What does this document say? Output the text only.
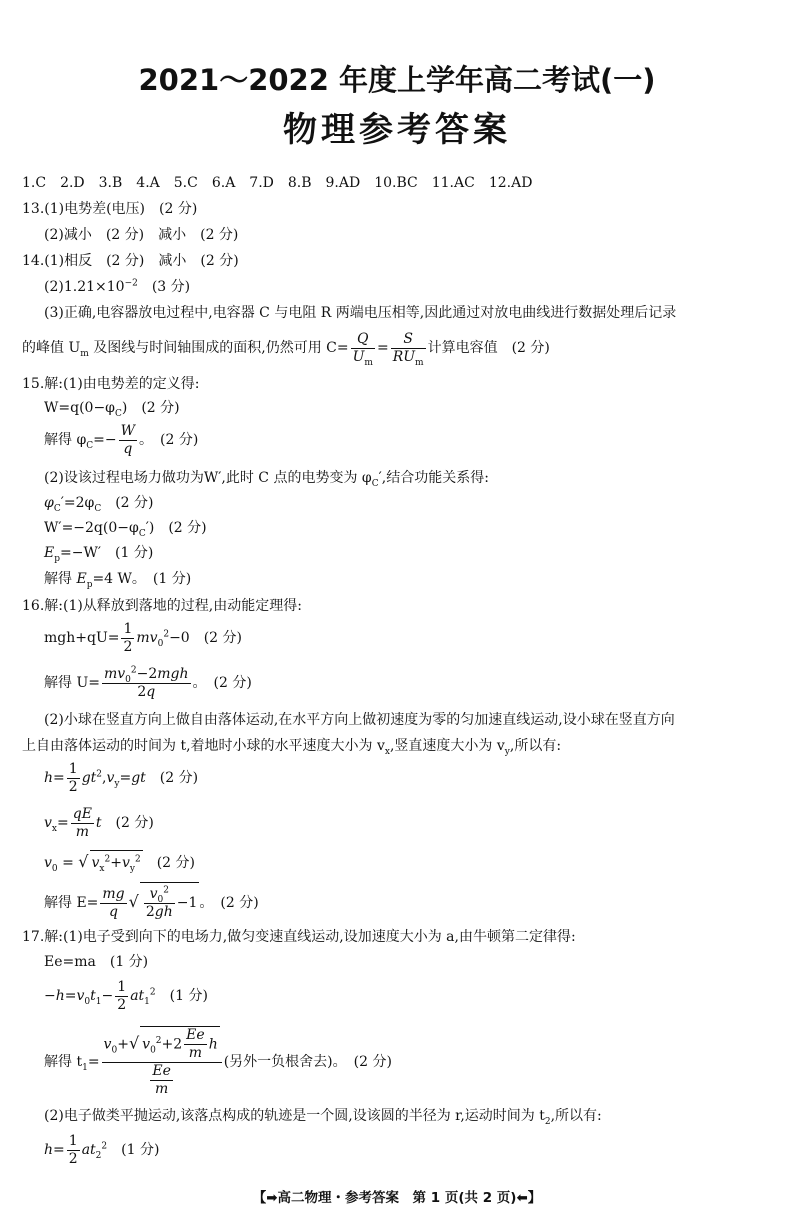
2021～2022 年度上学年高二考试(一)
物理参考答案
1.C　2.D　3.B　4.A　5.C　6.A　7.D　8.B　9.AD　10.BC　11.AC　12.AD
13.(1)电势差(电压)　(2 分)
(2)减小　(2 分)　减小　(2 分)
14.(1)相反　(2 分)　减小　(2 分)
$(2)1.21\times 10^{-2}$　(3 分)
(3)正确,电容器放电过程中,电容器 C 与电阻 R 两端电压相等,因此通过对放电曲线进行数据处理后记录
的峰值 $U_m$ 及图线与时间轴围成的面积,仍然可用 $C= \frac{Q}{U_m} = \frac{S}{RU_m}$ 计算电容值　(2 分)
15.解:(1)由电势差的定义得:
$W=q(0-\varphi_C)$　(2 分)
解得 $\varphi_C=- \frac{W}{q}$ 。　(2 分)
(2)设该过程电场力做功为W′,此时 C 点的电势变为 $\varphi_C'$,结合功能关系得:
$\varphi_C'=2\varphi_C$　(2 分)
$W'=-2q(0-\varphi_C')$　(2 分)
$E_p=-W'$　(1 分)
解得 $E_p=4$ W。　(1 分)
16.解:(1)从释放到落地的过程,由动能定理得:
$mgh+qU= \frac{1}{2} mv_0^2-0$　(2 分)
解得 $U= \frac{mv_0^2-2mgh}{2q}$ 。　(2 分)
(2)小球在竖直方向上做自由落体运动,在水平方向上做初速度为零的匀加速直线运动,设小球在竖直方向
上自由落体运动的时间为 t,着地时小球的水平速度大小为 $v_x$,竖直速度大小为 $v_y$,所以有:
$h= \frac{1}{2} gt^2,v_y=gt$　(2 分)
$v_x= \frac{qE}{m}$ t　(2 分)
$v_0$ = √ $v_x^2+v_y^2$　(2 分)
解得 $E= \frac{mg}{q}$ √ $\frac{v_0^2}{2gh} -1$ 。　(2 分)
17.解:(1)电子受到向下的电场力,做匀变速直线运动,设加速度大小为 a,由牛顿第二定律得:
Ee=ma　(1 分)
$-h=v_0t_1- \frac{1}{2} at_1^2$　(1 分)
解得 $t_1= \frac{v_0+√ v_0^2+2 \frac{Ee}{m} h}{\frac{Ee}{m}}$ (另外一负根舍去)。　(2 分)
(2)电子做类平抛运动,该落点构成的轨迹是一个圆,设该圆的半径为 r,运动时间为 $t_2$,所以有:
$h= \frac{1}{2} at_2^2$　(1 分)
【➡高二物理・参考答案　第 1 页(共 2 页)⬅】
